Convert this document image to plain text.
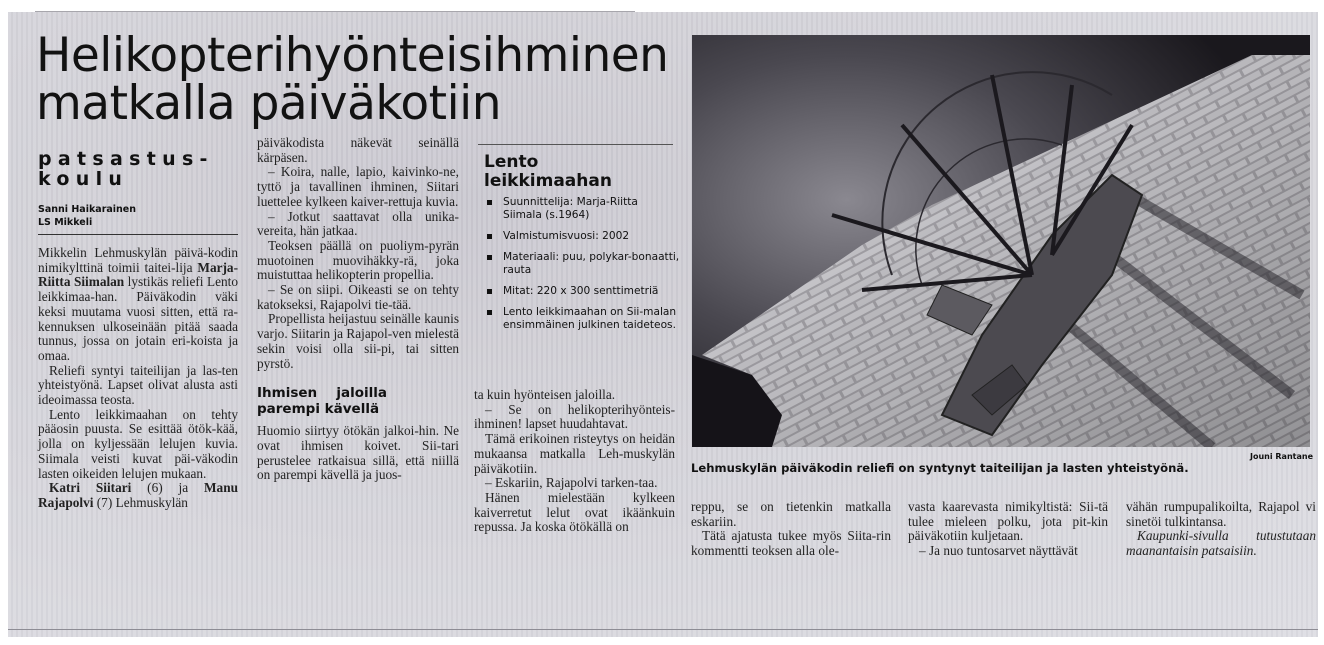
Helikopterihyönteisihminen
matkalla päiväkotiin
patsastus-
koulu
Sanni Haikarainen
LS Mikkeli

Mikkelin Lehmuskylän päivä-kodin nimikylttinä toimii taitei-lija Marja-Riitta Siimalan lystikäs reliefi Lento leikkimaa-han. Päiväkodin väki keksi muutama vuosi sitten, että ra-kennuksen ulkoseinään pitää saada tunnus, jossa on jotain eri-koista ja omaa.

Reliefi syntyi taiteilijan ja las-ten yhteistyönä. Lapset olivat alusta asti ideoimassa teosta.

Lento leikkimaahan on tehty pääosin puusta. Se esittää ötök-kää, jolla on kyljessään lelujen kuvia. Siimala veisti kuvat päi-väkodin lasten oikeiden lelujen mukaan.

Katri Siitari (6) ja Manu Rajapolvi (7) Lehmuskylän

päiväkodista näkevät seinällä kärpäsen.

– Koira, nalle, lapio, kaivinko-ne, tyttö ja tavallinen ihminen, Siitari luettelee kylkeen kaiver-rettuja kuvia.

– Jotkut saattavat olla unika-vereita, hän jatkaa.

Teoksen päällä on puoliym-pyrän muotoinen muovihäkky-rä, joka muistuttaa helikopterin propellia.

– Se on siipi. Oikeasti se on tehty katokseksi, Rajapolvi tie-tää.

Propellista heijastuu seinälle kaunis varjo. Siitarin ja Rajapol-ven mielestä sekin voisi olla sii-pi, tai sitten pyrstö.

Ihmisen jaloilla parempi kävellä

Huomio siirtyy ötökän jalkoi-hin. Ne ovat ihmisen koivet. Sii-tari perustelee ratkaisua sillä, että niillä on parempi kävellä ja juos-

Lento leikkimaahan
Suunnittelija: Marja-Riitta Siimala (s.1964)
Valmistumisvuosi: 2002
Materiaali: puu, polykar-bonaatti, rauta
Mitat: 220 x 300 senttimetriä
Lento leikkimaahan on Sii-malan ensimmäinen julkinen taideteos.

ta kuin hyönteisen jaloilla.

– Se on helikopterihyönteis-ihminen! lapset huudahtavat.

Tämä erikoinen risteytys on heidän mukaansa matkalla Leh-muskylän päiväkotiin.

– Eskariin, Rajapolvi tarken-taa.

Hänen mielestään kylkeen kaiverretut lelut ovat ikäänkuin repussa. Ja koska ötökällä on

Jouni Rantane
Lehmuskylän päiväkodin reliefi on syntynyt taiteilijan ja lasten yhteistyönä.

reppu, se on tietenkin matkalla eskariin.

Tätä ajatusta tukee myös Siita-rin kommentti teoksen alla ole-

vasta kaarevasta nimikyltistä: Sii-tä tulee mieleen polku, jota pit-kin päiväkotiin kuljetaan.

– Ja nuo tuntosarvet näyttävät

vähän rumpupalikoilta, Rajapol vi sinetöi tulkintansa.

Kaupunki-sivulla tutustutaan maanantaisin patsaisiin.
